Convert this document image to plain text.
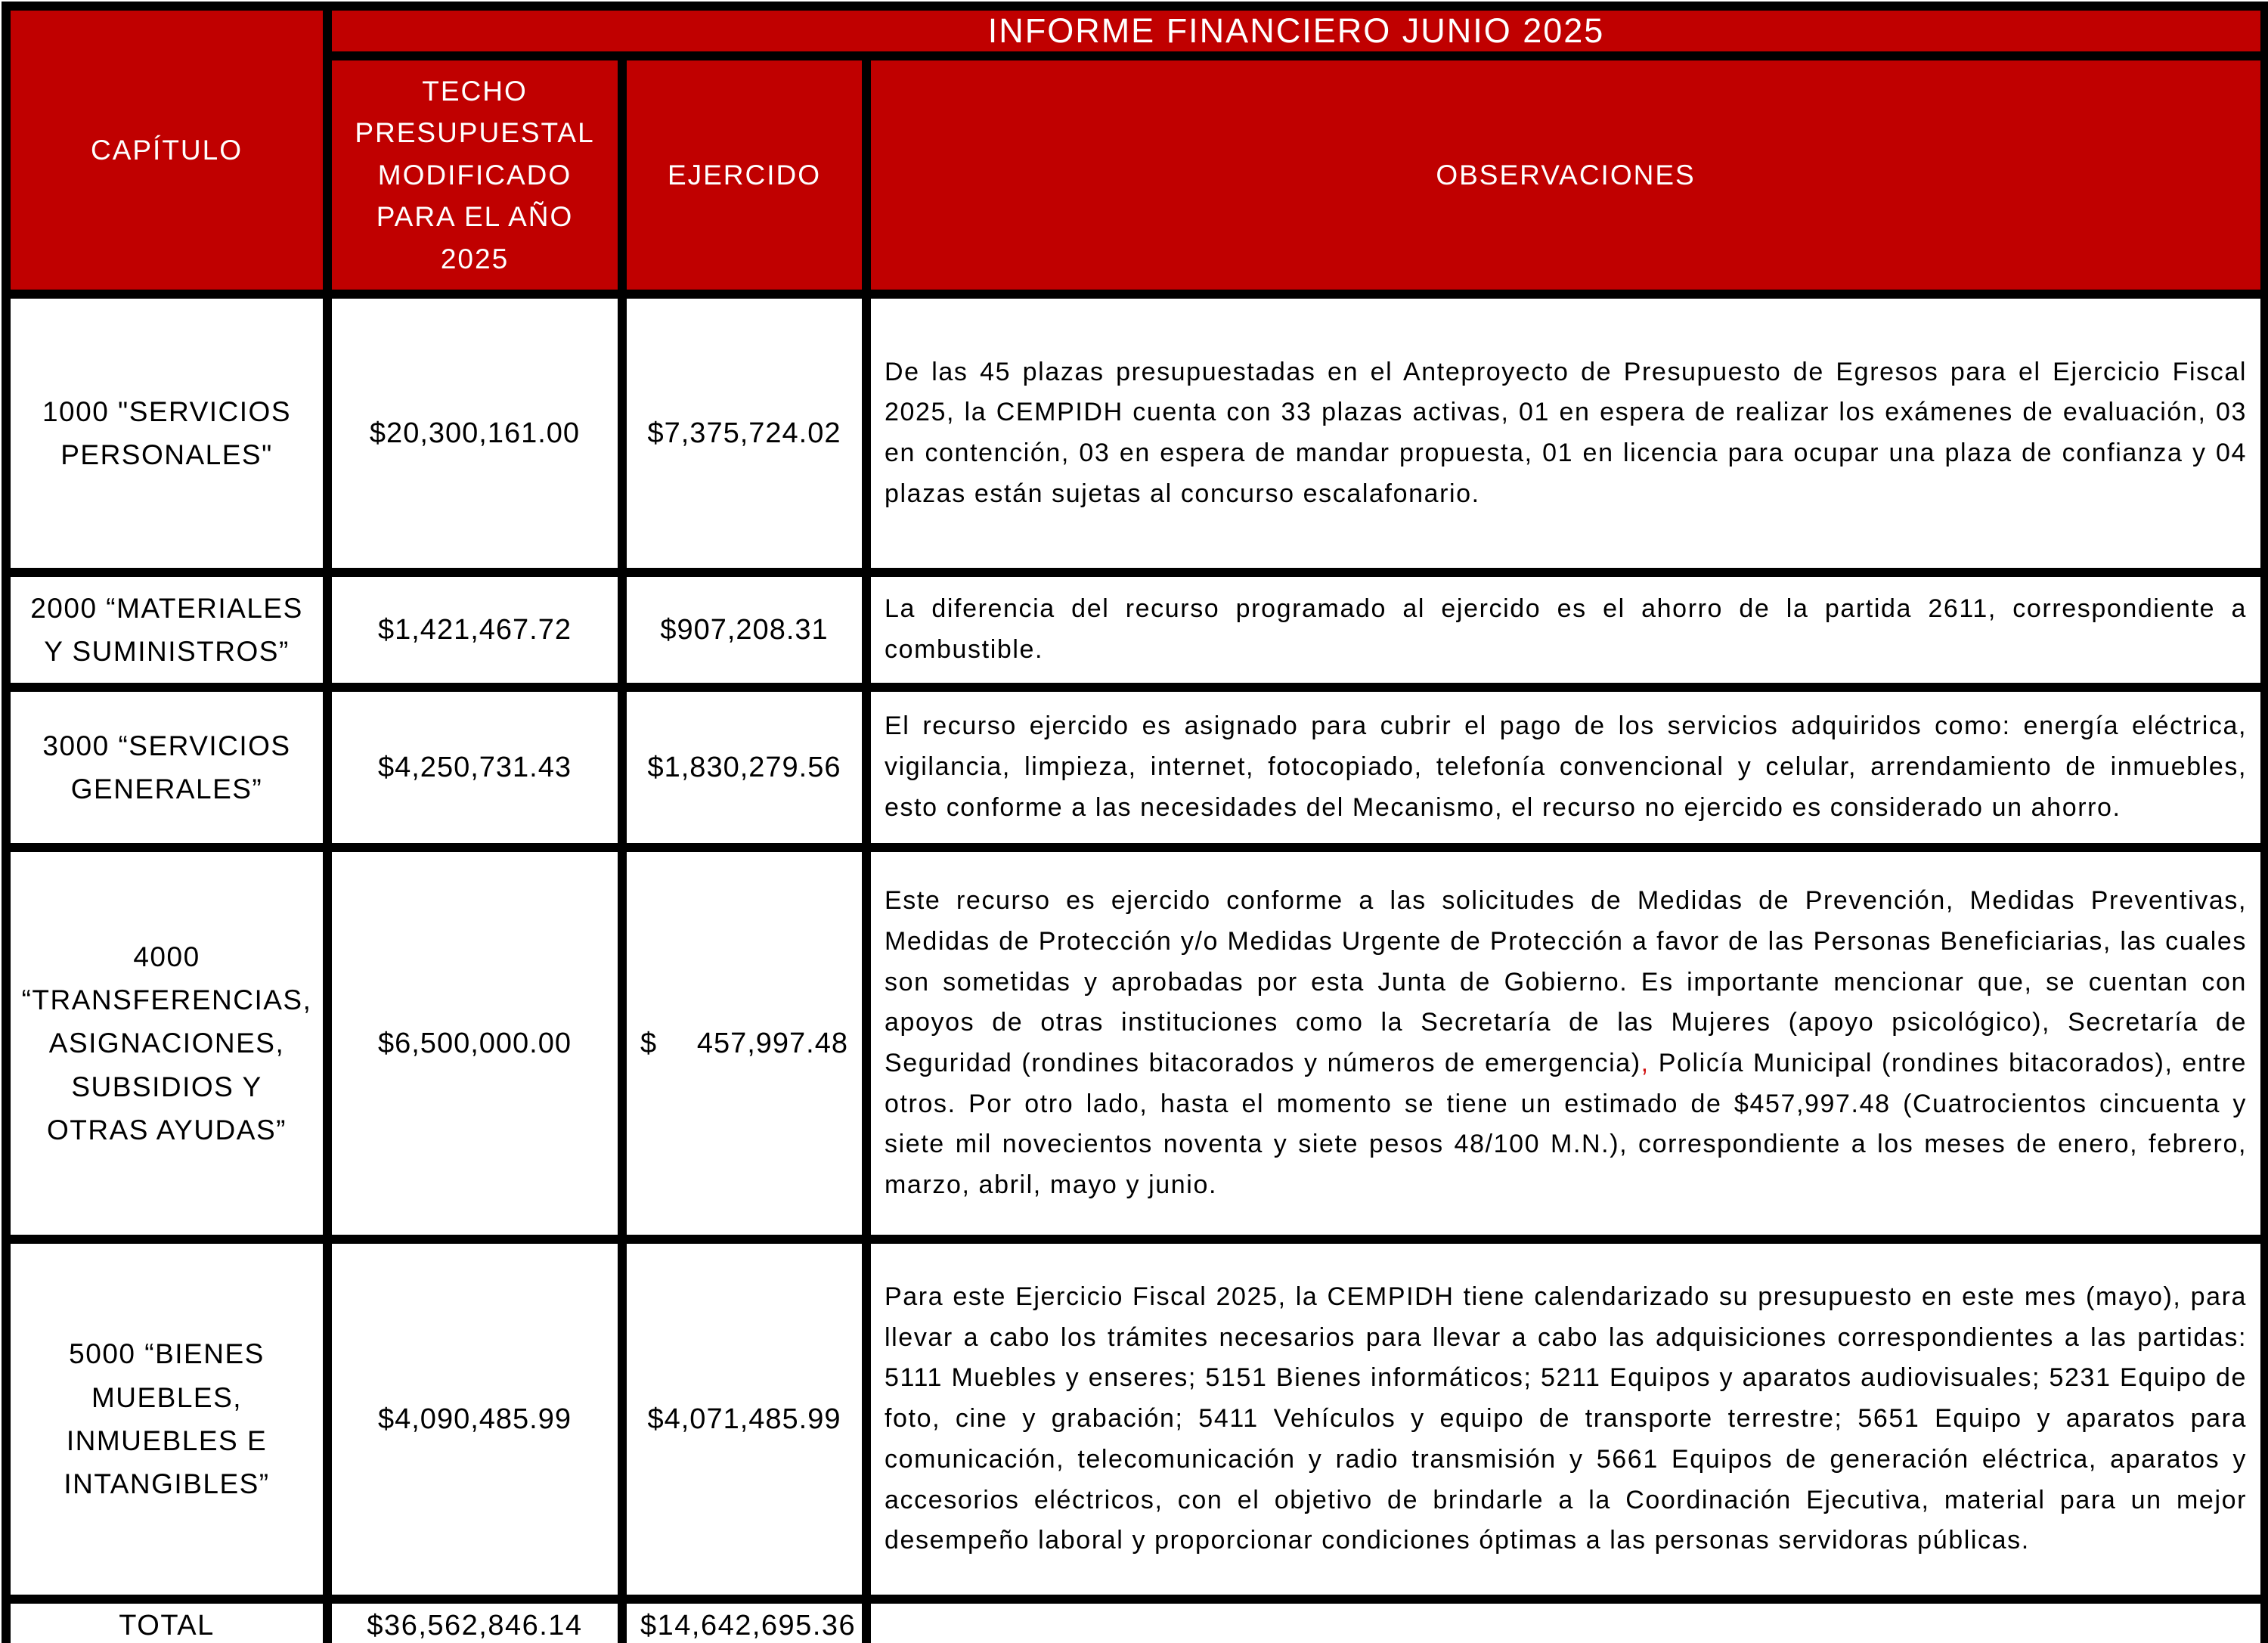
CAPÍTULO	INFORME FINANCIERO JUNIO 2025		
	TECHO PRESUPUESTAL MODIFICADO PARA EL AÑO 2025	EJERCIDO	OBSERVACIONES
1000 "SERVICIOS PERSONALES"	$20,300,161.00	$7,375,724.02	De las 45 plazas presupuestadas en el Anteproyecto de Presupuesto de Egresos para el Ejercicio Fiscal 2025, la CEMPIDH cuenta con 33 plazas activas, 01 en espera de realizar los exámenes de evaluación, 03 en contención, 03 en espera de mandar propuesta, 01 en licencia para ocupar una plaza de confianza y 04 plazas están sujetas al concurso escalafonario.
2000 “MATERIALES Y SUMINISTROS”	$1,421,467.72	$907,208.31	La diferencia del recurso programado al ejercido es el ahorro de la partida 2611, correspondiente a combustible.
3000 “SERVICIOS GENERALES”	$4,250,731.43	$1,830,279.56	El recurso ejercido es asignado para cubrir el pago de los servicios adquiridos como: energía eléctrica, vigilancia, limpieza, internet, fotocopiado, telefonía convencional y celular, arrendamiento de inmuebles, esto conforme a las necesidades del Mecanismo, el recurso no ejercido es considerado un ahorro.
4000 “TRANSFERENCIAS, ASIGNACIONES, SUBSIDIOS Y OTRAS AYUDAS”	$6,500,000.00	$ 457,997.48	Este recurso es ejercido conforme a las solicitudes de Medidas de Prevención, Medidas Preventivas, Medidas de Protección y/o Medidas Urgente de Protección a favor de las Personas Beneficiarias, las cuales son sometidas y aprobadas por esta Junta de Gobierno. Es importante mencionar que, se cuentan con apoyos de otras instituciones como la Secretaría de las Mujeres (apoyo psicológico), Secretaría de Seguridad (rondines bitacorados y números de emergencia), Policía Municipal (rondines bitacorados), entre otros. Por otro lado, hasta el momento se tiene un estimado de $457,997.48 (Cuatrocientos cincuenta y siete mil novecientos noventa y siete pesos 48/100 M.N.), correspondiente a los meses de enero, febrero, marzo, abril, mayo y junio.
5000 “BIENES MUEBLES, INMUEBLES E INTANGIBLES”	$4,090,485.99	$4,071,485.99	Para este Ejercicio Fiscal 2025, la CEMPIDH tiene calendarizado su presupuesto en este mes (mayo), para llevar a cabo los trámites necesarios para llevar a cabo las adquisiciones correspondientes a las partidas: 5111 Muebles y enseres; 5151 Bienes informáticos; 5211 Equipos y aparatos audiovisuales; 5231 Equipo de foto, cine y grabación; 5411 Vehículos y equipo de transporte terrestre; 5651 Equipo y aparatos para comunicación, telecomunicación y radio transmisión y 5661 Equipos de generación eléctrica, aparatos y accesorios eléctricos, con el objetivo de brindarle a la Coordinación Ejecutiva, material para un mejor desempeño laboral y proporcionar condiciones óptimas a las personas servidoras públicas.
TOTAL	$36,562,846.14	$14,642,695.36	
